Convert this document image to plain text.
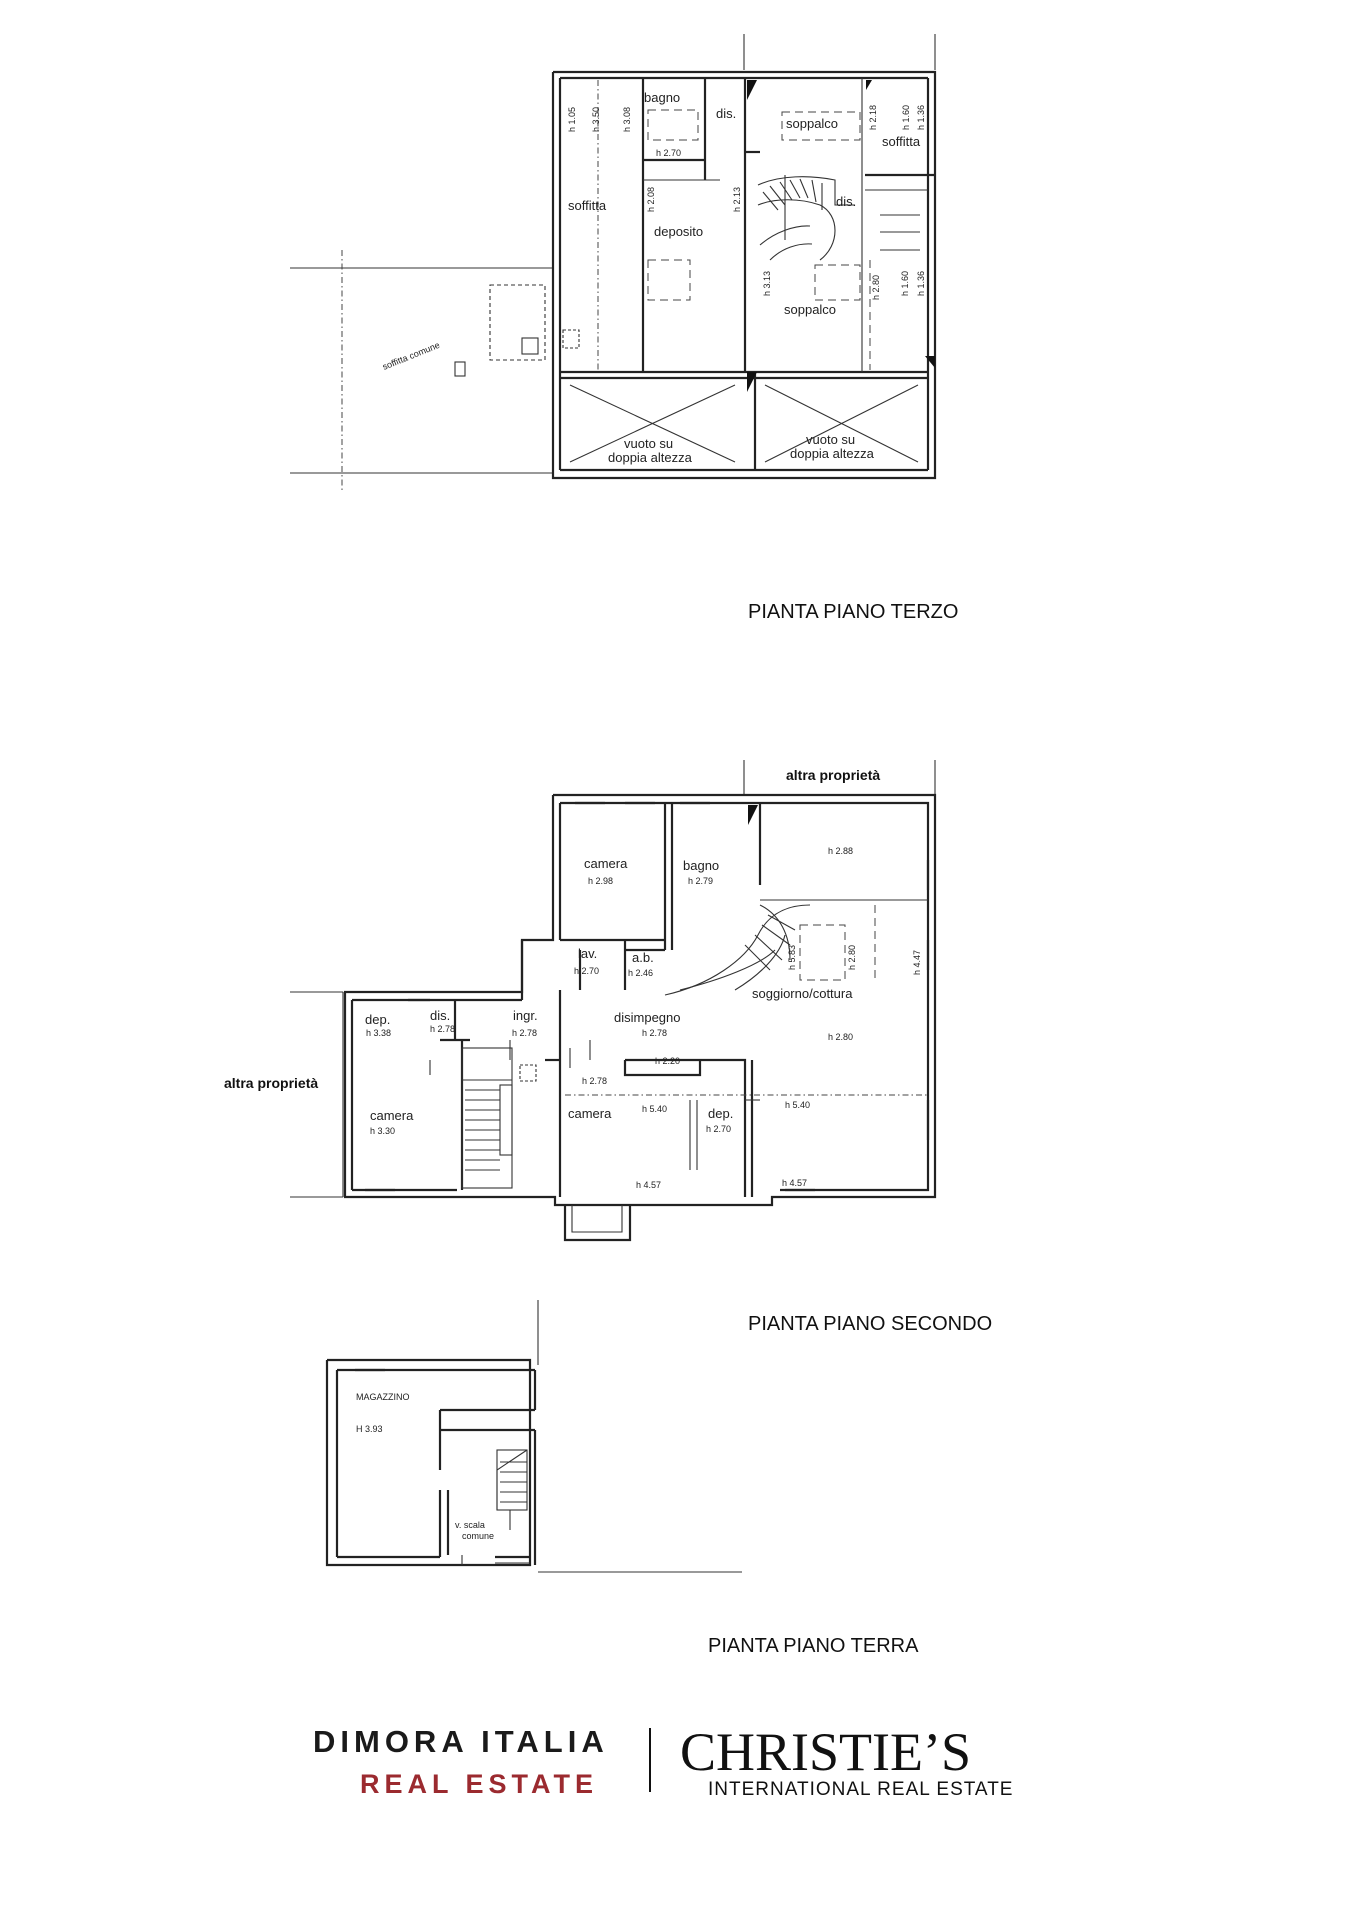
bagno
dis.
soppalco
soffitta
soffitta
deposito
dis.
soppalco
soffitta comune
vuoto su
doppia altezza
vuoto su
doppia altezza
h 1.05 h 3.50 h 3.08
h 2.70
h 2.08	h 2.13
h 2.18	h 1.60 h 1.36
h 3.13	h 2.80 h 1.60 h 1.36
PIANTA PIANO TERZO
altra proprietà
altra proprietà
camera	bagno
lav.	a.b.
dep.	dis.	ingr.	disimpegno
soggiorno/cottura
camera
camera	dep.
h 2.98	h 2.79
h 2.88
h 2.70	h 2.46
h 3.38	h 2.78	h 2.78	h 2.78
h 2.20
h 2.80
h 2.78
h 5.40
h 2.70
h 5.40
h 3.30
h 4.57	h 4.57
h 5.83	h 2.80	h 4.47
PIANTA PIANO SECONDO
MAGAZZINO
H 3.93
v. scala
comune
PIANTA PIANO TERRA
DIMORA ITALIA
REAL ESTATE
CHRISTIE’S
INTERNATIONAL REAL ESTATE
